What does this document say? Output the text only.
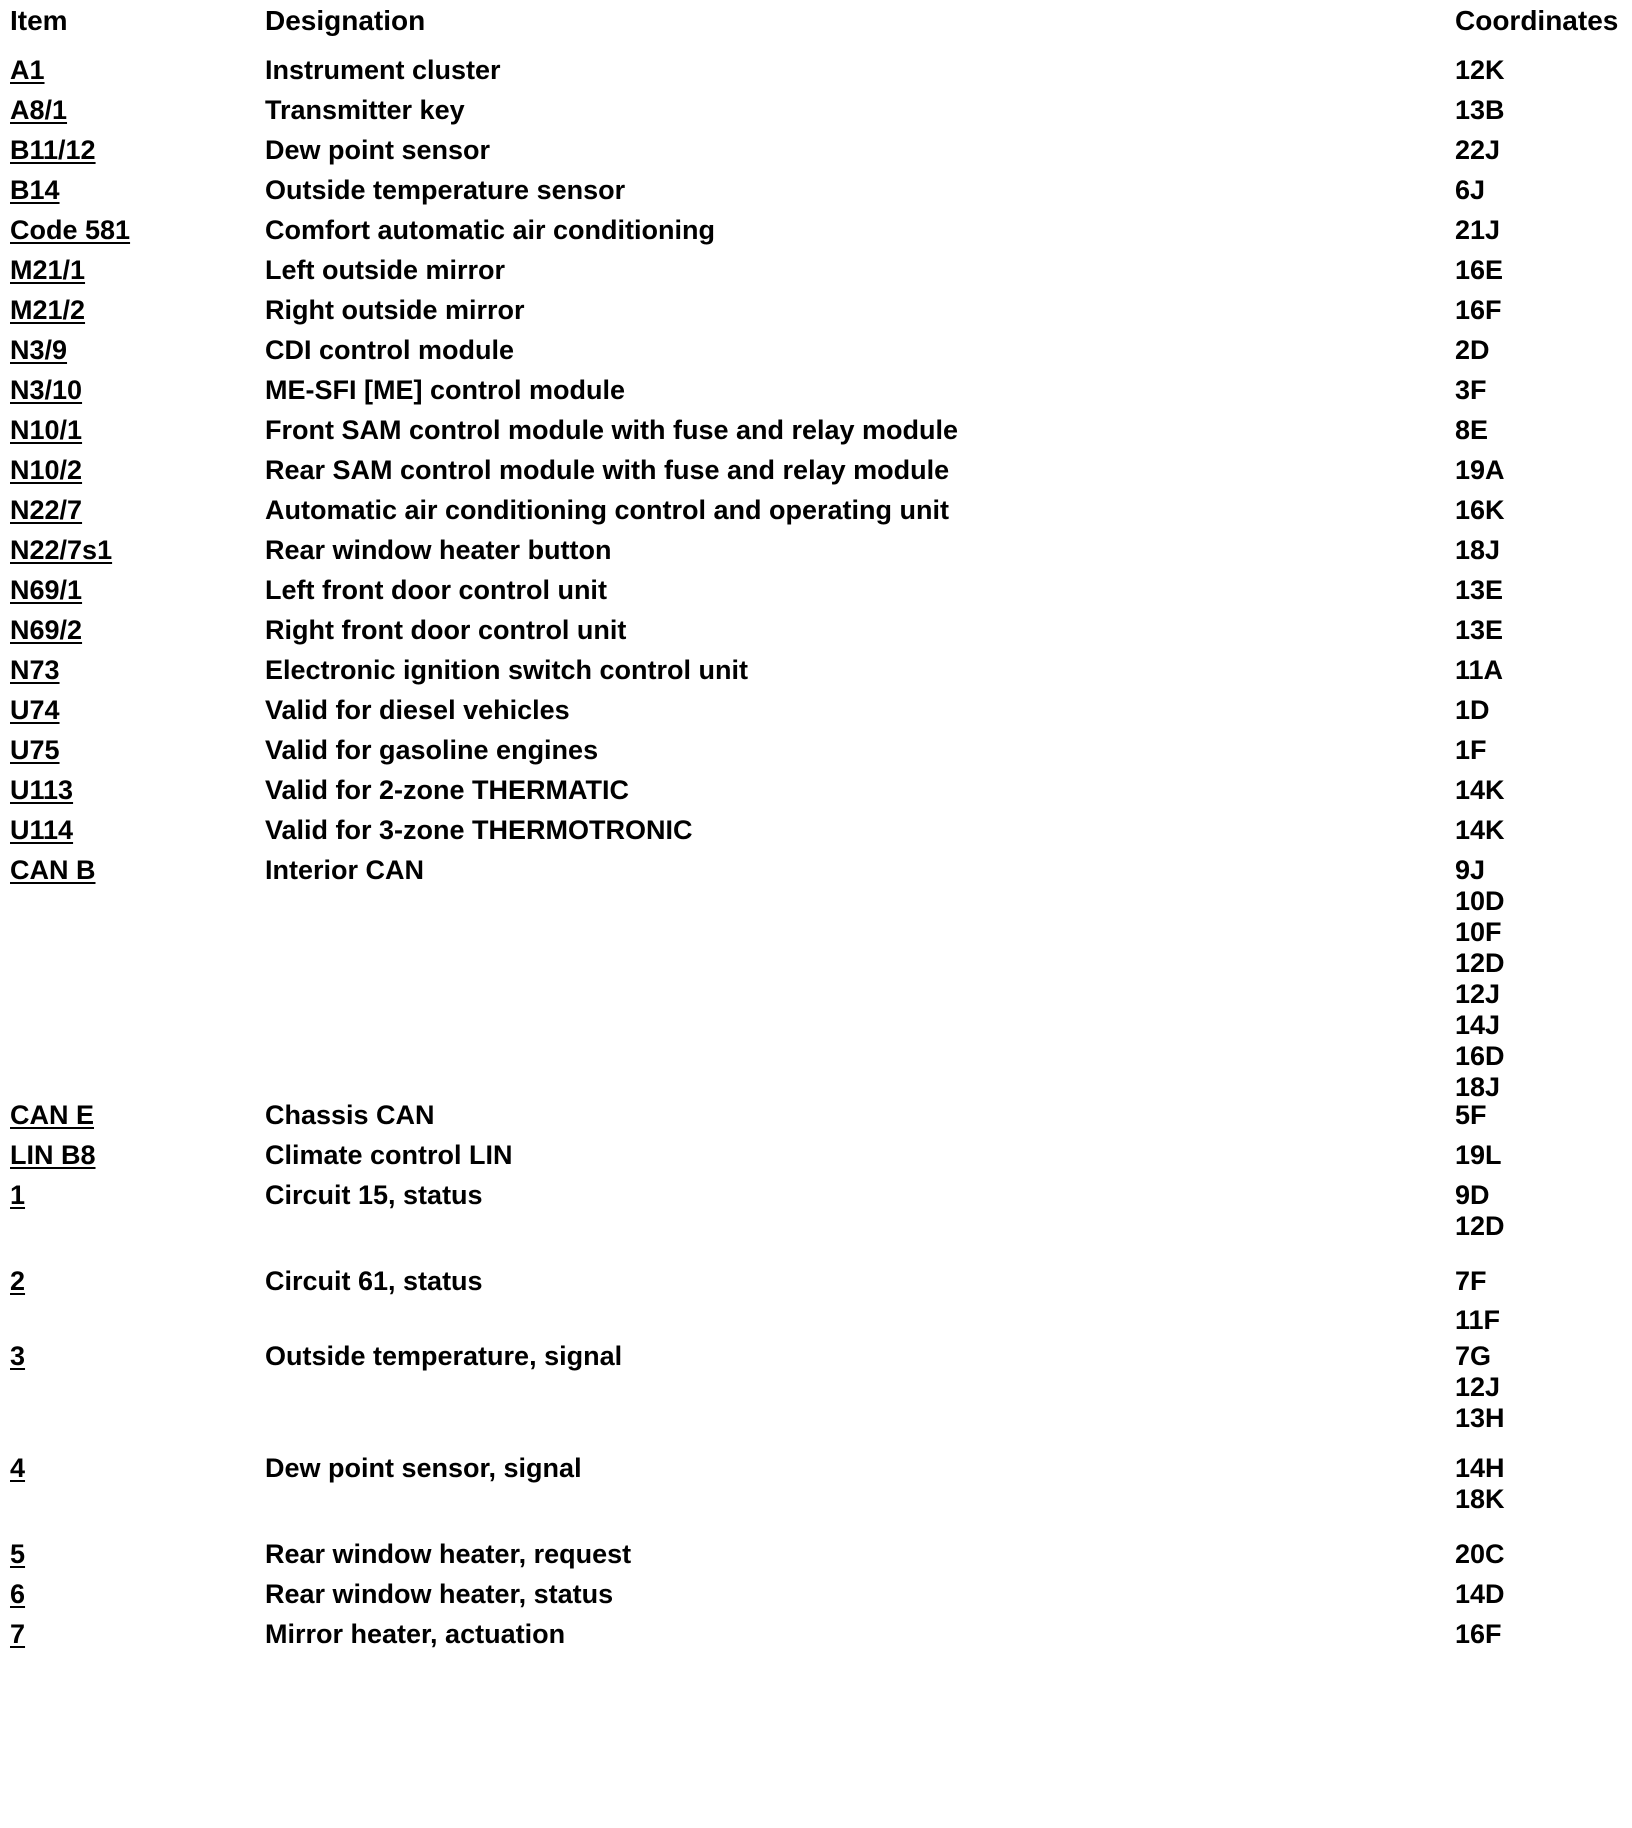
Item	Designation	Coordinates
A1	Instrument cluster	12K
A8/1	Transmitter key	13B
B11/12	Dew point sensor	22J
B14	Outside temperature sensor	6J
Code 581	Comfort automatic air conditioning	21J
M21/1	Left outside mirror	16E
M21/2	Right outside mirror	16F
N3/9	CDI control module	2D
N3/10	ME-SFI [ME] control module	3F
N10/1	Front SAM control module with fuse and relay module	8E
N10/2	Rear SAM control module with fuse and relay module	19A
N22/7	Automatic air conditioning control and operating unit	16K
N22/7s1	Rear window heater button	18J
N69/1	Left front door control unit	13E
N69/2	Right front door control unit	13E
N73	Electronic ignition switch control unit	11A
U74	Valid for diesel vehicles	1D
U75	Valid for gasoline engines	1F
U113	Valid for 2-zone THERMATIC	14K
U114	Valid for 3-zone THERMOTRONIC	14K
CAN B	Interior CAN	9J
10D
10F
12D
12J
14J
16D
18J
CAN E	Chassis CAN	5F
LIN B8	Climate control LIN	19L
1	Circuit 15, status	9D
12D
2	Circuit 61, status	7F
11F
3	Outside temperature, signal	7G
12J
13H
4	Dew point sensor, signal	14H
18K
5	Rear window heater, request	20C
6	Rear window heater, status	14D
7	Mirror heater, actuation	16F
